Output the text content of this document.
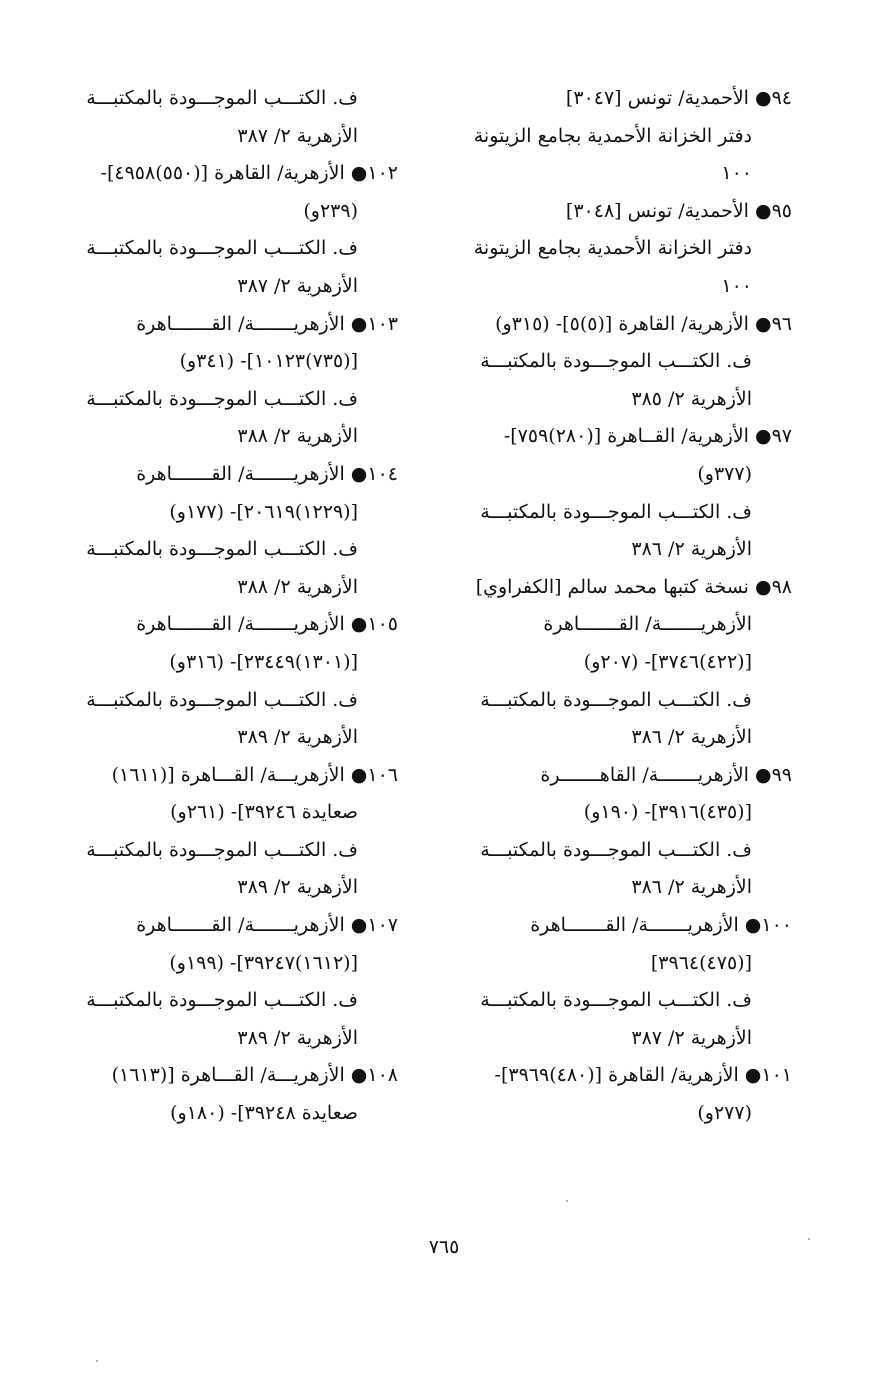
٩٤● الأحمدية/ تونس [٣٠٤٧]
دفتر الخزانة الأحمدية بجامع الزيتونة
١٠٠
٩٥● الأحمدية/ تونس [٣٠٤٨]
دفتر الخزانة الأحمدية بجامع الزيتونة
١٠٠
٩٦● الأزهرية/ القاهرة [(٥)٥]- (٣١٥و)
ف. الكتـــب الموجـــودة بالمكتبـــة
الأزهرية ٢/ ٣٨٥
٩٧● الأزهرية/ القــاهرة [(٢٨٠)٧٥٩]-
(٣٧٧و)
ف. الكتـــب الموجـــودة بالمكتبـــة
الأزهرية ٢/ ٣٨٦
٩٨● نسخة كتبها محمد سالم [الكفراوي]
الأزهريـــــــة/ القـــــــاهرة
[(٤٢٢)٣٧٤٦]- (٢٠٧و)
ف. الكتـــب الموجـــودة بالمكتبـــة
الأزهرية ٢/ ٣٨٦
٩٩● الأزهريـــــــة/ القاهـــــــرة
[(٤٣٥)٣٩١٦]- (١٩٠و)
ف. الكتـــب الموجـــودة بالمكتبـــة
الأزهرية ٢/ ٣٨٦
١٠٠● الأزهريـــــــة/ القـــــــاهرة
[(٤٧٥)٣٩٦٤]
ف. الكتـــب الموجـــودة بالمكتبـــة
الأزهرية ٢/ ٣٨٧
١٠١● الأزهرية/ القاهرة [(٤٨٠)٣٩٦٩]-
(٢٧٧و)
ف. الكتـــب الموجـــودة بالمكتبـــة
الأزهرية ٢/ ٣٨٧
١٠٢● الأزهرية/ القاهرة [(٥٥٠)٤٩٥٨]-
(٢٣٩و)
ف. الكتـــب الموجـــودة بالمكتبـــة
الأزهرية ٢/ ٣٨٧
١٠٣● الأزهريـــــــة/ القـــــــاهرة
[(٧٣٥)١٠١٢٣]- (٣٤١و)
ف. الكتـــب الموجـــودة بالمكتبـــة
الأزهرية ٢/ ٣٨٨
١٠٤● الأزهريـــــــة/ القـــــــاهرة
[(١٢٢٩)٢٠٦١٩]- (١٧٧و)
ف. الكتـــب الموجـــودة بالمكتبـــة
الأزهرية ٢/ ٣٨٨
١٠٥● الأزهريـــــــة/ القـــــــاهرة
[(١٣٠١)٢٣٤٤٩]- (٣١٦و)
ف. الكتـــب الموجـــودة بالمكتبـــة
الأزهرية ٢/ ٣٨٩
١٠٦● الأزهريـــة/ القـــاهرة [(١٦١١)
صعايدة ٣٩٢٤٦]- (٢٦١و)
ف. الكتـــب الموجـــودة بالمكتبـــة
الأزهرية ٢/ ٣٨٩
١٠٧● الأزهريـــــــة/ القـــــــاهرة
[(١٦١٢)٣٩٢٤٧]- (١٩٩و)
ف. الكتـــب الموجـــودة بالمكتبـــة
الأزهرية ٢/ ٣٨٩
١٠٨● الأزهريـــة/ القـــاهرة [(١٦١٣)
صعايدة ٣٩٢٤٨]- (١٨٠و)
٧٦٥
